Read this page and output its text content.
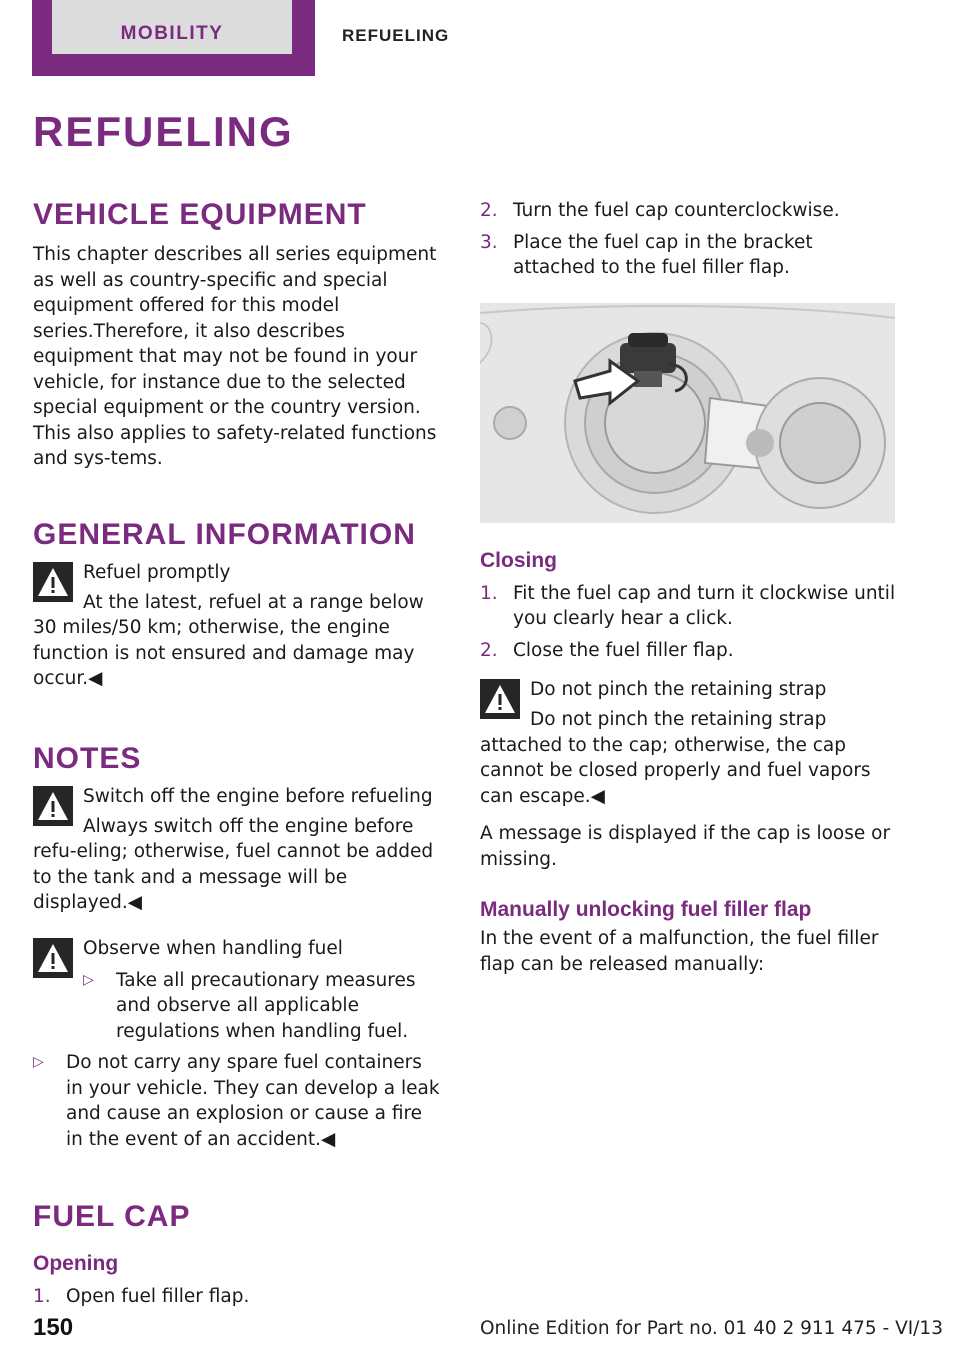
MOBILITY	REFUELING
REFUELING
VEHICLE EQUIPMENT

This chapter describes all series equipment as well as country-specific and special equipment offered for this model series.Therefore, it also describes equipment that may not be found in your vehicle, for instance due to the selected special equipment or the country version. This also applies to safety-related functions and sys‐tems.

GENERAL INFORMATION

Refuel promptly

At the latest, refuel at a range below 30 miles/50 km; otherwise, the engine function is not ensured and damage may occur.◀

NOTES

Switch off the engine before refueling

Always switch off the engine before refu‐eling; otherwise, fuel cannot be added to the tank and a message will be displayed.◀

Observe when handling fuel

▷ Take all precautionary measures and observe all applicable regulations when handling fuel.
▷ Do not carry any spare fuel containers in your vehicle. They can develop a leak and cause an explosion or cause a fire in the event of an accident.◀
FUEL CAP
Opening
1. Open fuel filler flap.
2. Turn the fuel cap counterclockwise.
3. Place the fuel cap in the bracket attached to the fuel filler flap.
Closing
1. Fit the fuel cap and turn it clockwise until you clearly hear a click.
2. Close the fuel filler flap.

Do not pinch the retaining strap

Do not pinch the retaining strap attached to the cap; otherwise, the cap cannot be closed properly and fuel vapors can escape.◀

A message is displayed if the cap is loose or missing.

Manually unlocking fuel filler flap

In the event of a malfunction, the fuel filler flap can be released manually:

150	Online Edition for Part no. 01 40 2 911 475 - VI/13
